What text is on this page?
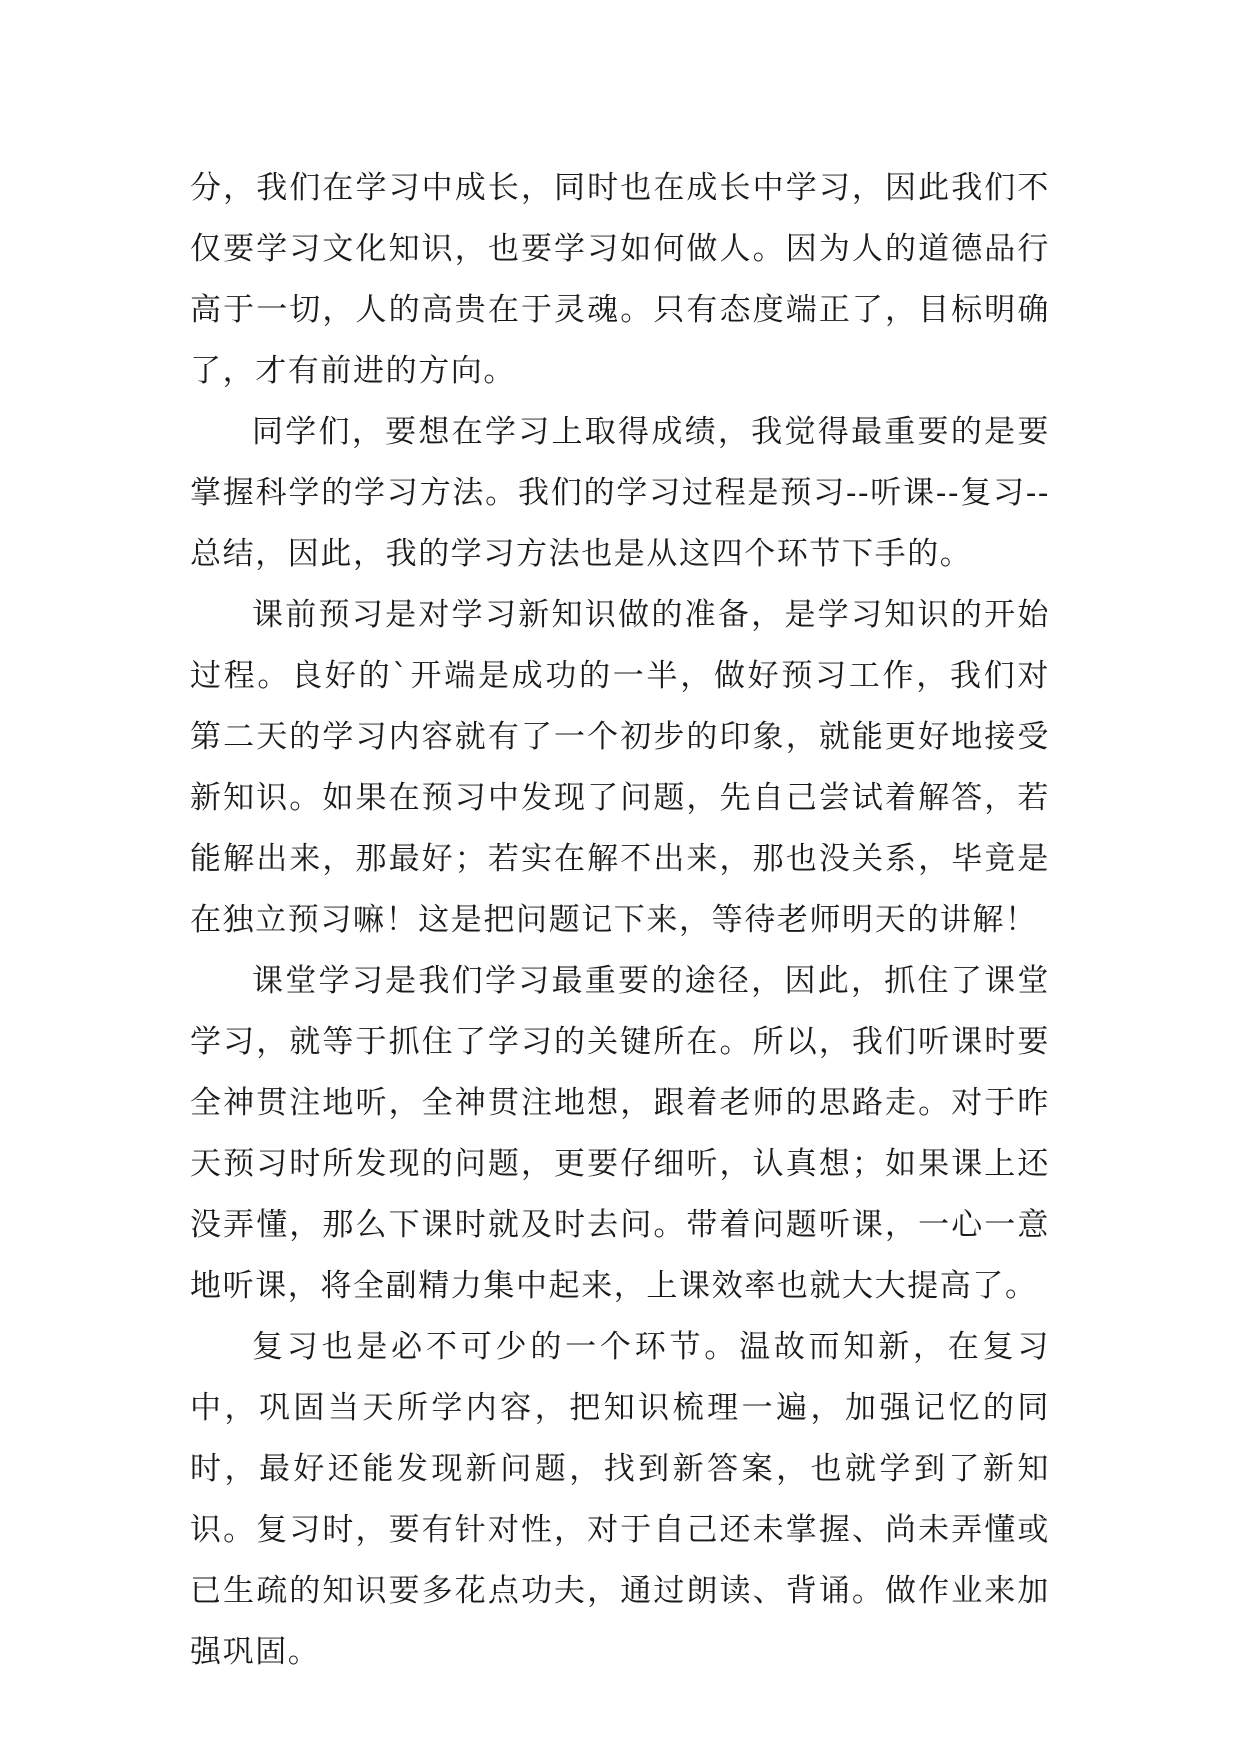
分，我们在学习中成长，同时也在成长中学习，因此我们不仅要学习文化知识，也要学习如何做人。因为人的道德品行高于一切，人的高贵在于灵魂。只有态度端正了，目标明确了，才有前进的方向。

同学们，要想在学习上取得成绩，我觉得最重要的是要掌握科学的学习方法。我们的学习过程是预习--听课--复习--总结，因此，我的学习方法也是从这四个环节下手的。

课前预习是对学习新知识做的准备，是学习知识的开始过程。良好的`开端是成功的一半，做好预习工作，我们对第二天的学习内容就有了一个初步的印象，就能更好地接受新知识。如果在预习中发现了问题，先自己尝试着解答，若能解出来，那最好；若实在解不出来，那也没关系，毕竟是在独立预习嘛！这是把问题记下来，等待老师明天的讲解！

课堂学习是我们学习最重要的途径，因此，抓住了课堂学习，就等于抓住了学习的关键所在。所以，我们听课时要全神贯注地听，全神贯注地想，跟着老师的思路走。对于昨天预习时所发现的问题，更要仔细听，认真想；如果课上还没弄懂，那么下课时就及时去问。带着问题听课，一心一意地听课，将全副精力集中起来，上课效率也就大大提高了。

复习也是必不可少的一个环节。温故而知新，在复习中，巩固当天所学内容，把知识梳理一遍，加强记忆的同时，最好还能发现新问题，找到新答案，也就学到了新知识。复习时，要有针对性，对于自己还未掌握、尚未弄懂或已生疏的知识要多花点功夫，通过朗读、背诵。做作业来加强巩固。
